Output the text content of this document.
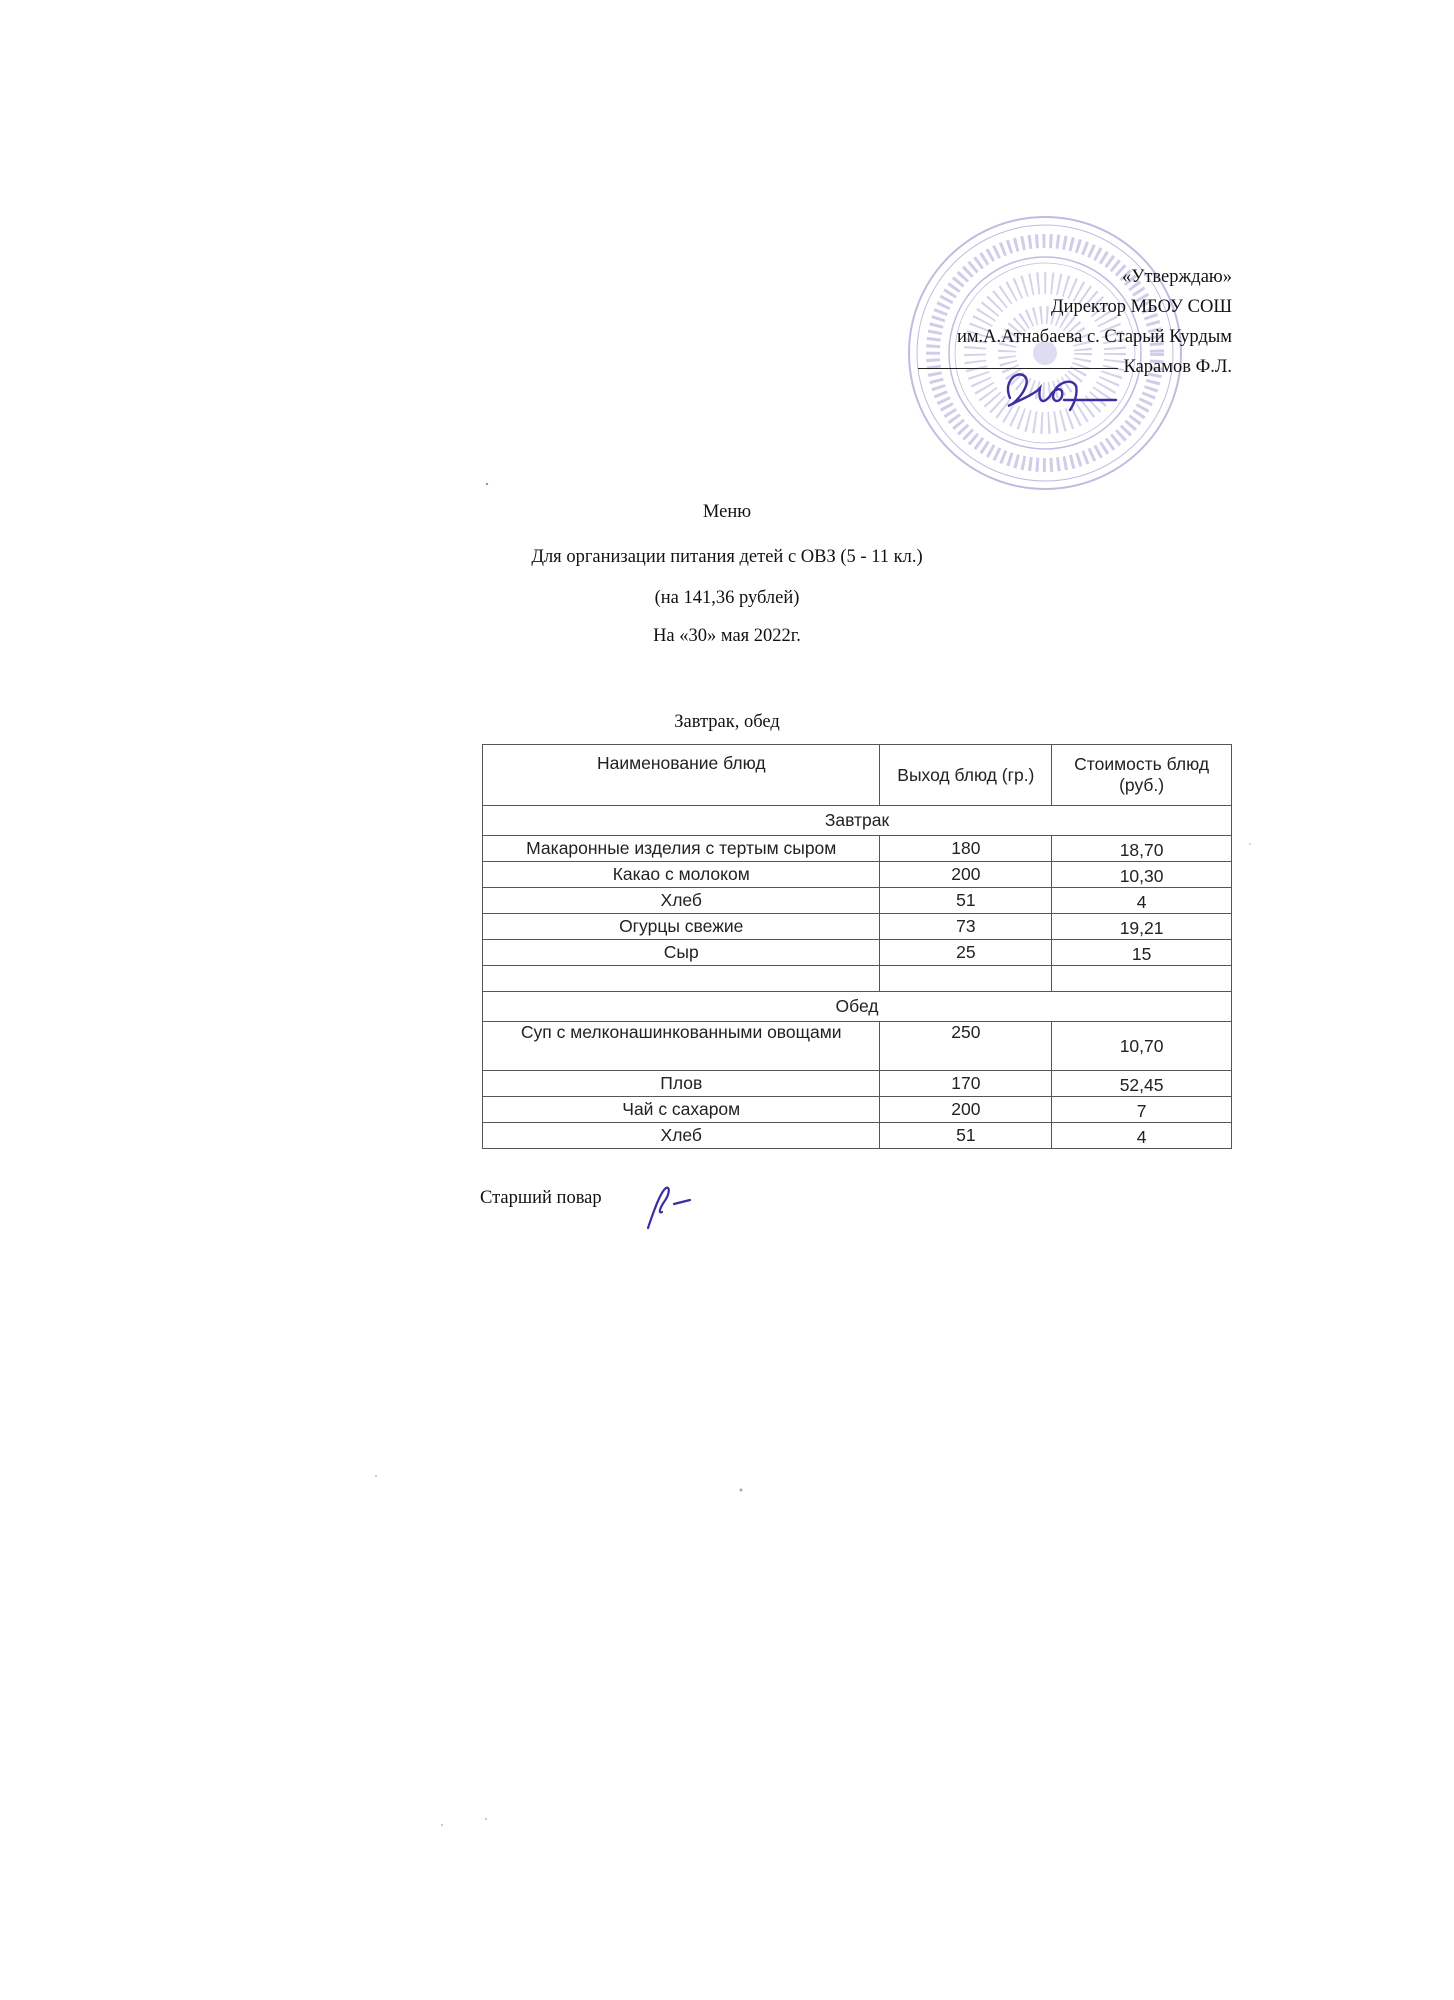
«Утверждаю»
Директор МБОУ СОШ
им.А.Атнабаева с. Старый Курдым
Карамов Ф.Л.
Меню
Для организации питания детей с ОВЗ (5 - 11 кл.)
(на 141,36 рублей)
На «30» мая 2022г.
Завтрак, обед
Наименование блюд	Выход блюд (гр.)	Стоимость блюд (руб.)
Завтрак		
Макаронные изделия с тертым сыром	180	18,70
Какао с молоком	200	10,30
Хлеб	51	4
Огурцы свежие	73	19,21
Сыр	25	15

Обед		
Суп с мелконашинкованными овощами	250	10,70
Плов	170	52,45
Чай с сахаром	200	7
Хлеб	51	4
Старший повар
